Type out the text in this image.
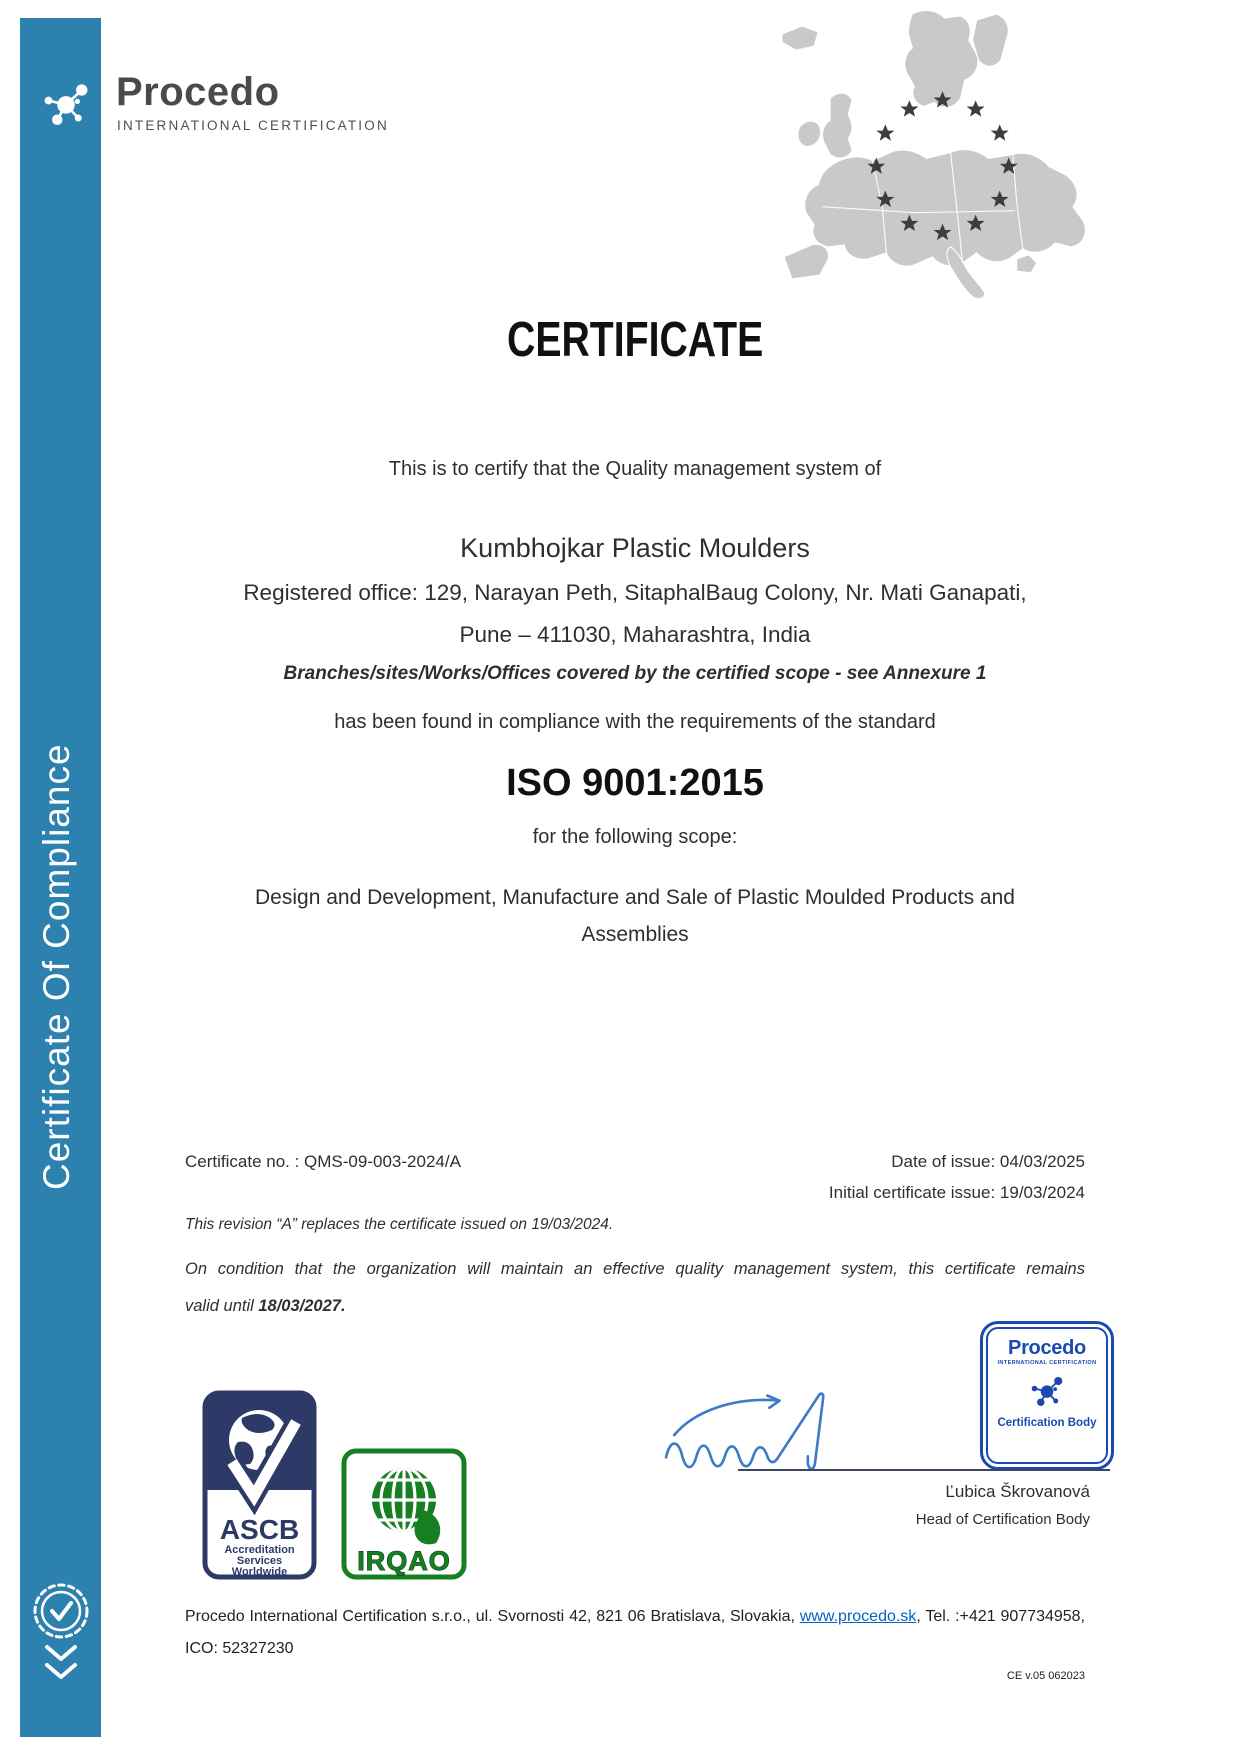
Certificate Of Compliance
Procedo
INTERNATIONAL CERTIFICATION
CERTIFICATE
This is to certify that the Quality management system of
Kumbhojkar Plastic Moulders
Registered office: 129, Narayan Peth, SitaphalBaug Colony, Nr. Mati Ganapati,
Pune – 411030, Maharashtra, India
Branches/sites/Works/Offices covered by the certified scope - see Annexure 1
has been found in compliance with the requirements of the standard
ISO 9001:2015
for the following scope:
Design and Development, Manufacture and Sale of Plastic Moulded Products and
Assemblies
Certificate no. : QMS-09-003-2024/A	Date of issue: 04/03/2025
Initial certificate issue: 19/03/2024
This revision “A” replaces the certificate issued on 19/03/2024.
On condition that the organization will maintain an effective quality management system, this certificate remains
valid until 18/03/2027.
Procedo
INTERNATIONAL CERTIFICATION
Certification Body
Ľubica Škrovanová
Head of Certification Body
ASCB
Accreditation
Services
Worldwide	IRQAO
Procedo International Certification s.r.o., ul. Svornosti 42, 821 06 Bratislava, Slovakia, www.procedo.sk, Tel. :+421 907734958,
ICO: 52327230
CE v.05 062023
